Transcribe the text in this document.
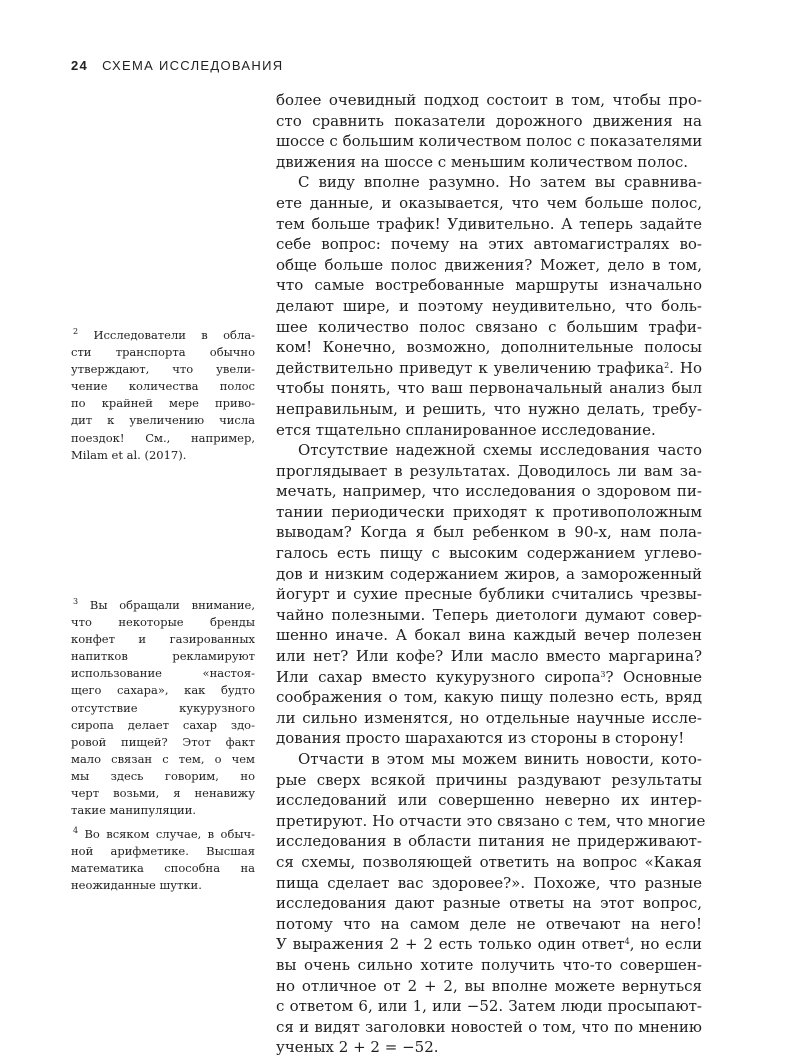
24 СХЕМА ИССЛЕДОВАНИЯ
более очевидный подход состоит в том, чтобы про-
сто сравнить показатели дорожного движения на
шоссе с большим количеством полос с показателями
движения на шоссе с меньшим количеством полос.
С виду вполне разумно. Но затем вы сравнива-
ете данные, и оказывается, что чем больше полос,
тем больше трафик! Удивительно. А теперь задайте
себе вопрос: почему на этих автомагистралях во-
обще больше полос движения? Может, дело в том,
что самые востребованные маршруты изначально
делают шире, и поэтому неудивительно, что боль-
шее количество полос связано с большим трафи-
ком! Конечно, возможно, дополнительные полосы
действительно приведут к увеличению трафика$^2$. Но
чтобы понять, что ваш первоначальный анализ был
неправильным, и решить, что нужно делать, требу-
ется тщательно спланированное исследование.
Отсутствие надежной схемы исследования часто
проглядывает в результатах. Доводилось ли вам за-
мечать, например, что исследования о здоровом пи-
тании периодически приходят к противоположным
выводам? Когда я был ребенком в 90-х, нам пола-
галось есть пищу с высоким содержанием углево-
дов и низким содержанием жиров, а замороженный
йогурт и сухие пресные бублики считались чрезвы-
чайно полезными. Теперь диетологи думают совер-
шенно иначе. А бокал вина каждый вечер полезен
или нет? Или кофе? Или масло вместо маргарина?
Или сахар вместо кукурузного сиропа$^3$? Основные
соображения о том, какую пищу полезно есть, вряд
ли сильно изменятся, но отдельные научные иссле-
дования просто шарахаются из стороны в сторону!
Отчасти в этом мы можем винить новости, кото-
рые сверх всякой причины раздувают результаты
исследований или совершенно неверно их интер-
претируют. Но отчасти это связано с тем, что многие
исследования в области питания не придерживают-
ся схемы, позволяющей ответить на вопрос «Какая
пища сделает вас здоровее?». Похоже, что разные
исследования дают разные ответы на этот вопрос,
потому что на самом деле не отвечают на него!
У выражения 2 + 2 есть только один ответ$^4$, но если
вы очень сильно хотите получить что-то совершен-
но отличное от 2 + 2, вы вполне можете вернуться
с ответом 6, или 1, или −52. Затем люди просыпают-
ся и видят заголовки новостей о том, что по мнению
ученых 2 + 2 = −52.
$^2$ Исследователи в обла-
сти транспорта обычно
утверждают, что увели-
чение количества полос
по крайней мере приво-
дит к увеличению числа
поездок! См., например,
Milam et al. (2017).
$^3$ Вы обращали внимание,
что некоторые бренды
конфет и газированных
напитков рекламируют
использование «настоя-
щего сахара», как будто
отсутствие кукурузного
сиропа делает сахар здо-
ровой пищей? Этот факт
мало связан с тем, о чем
мы здесь говорим, но
черт возьми, я ненавижу
такие манипуляции.
$^4$ Во всяком случае, в обыч-
ной арифметике. Высшая
математика способна на
неожиданные шутки.
